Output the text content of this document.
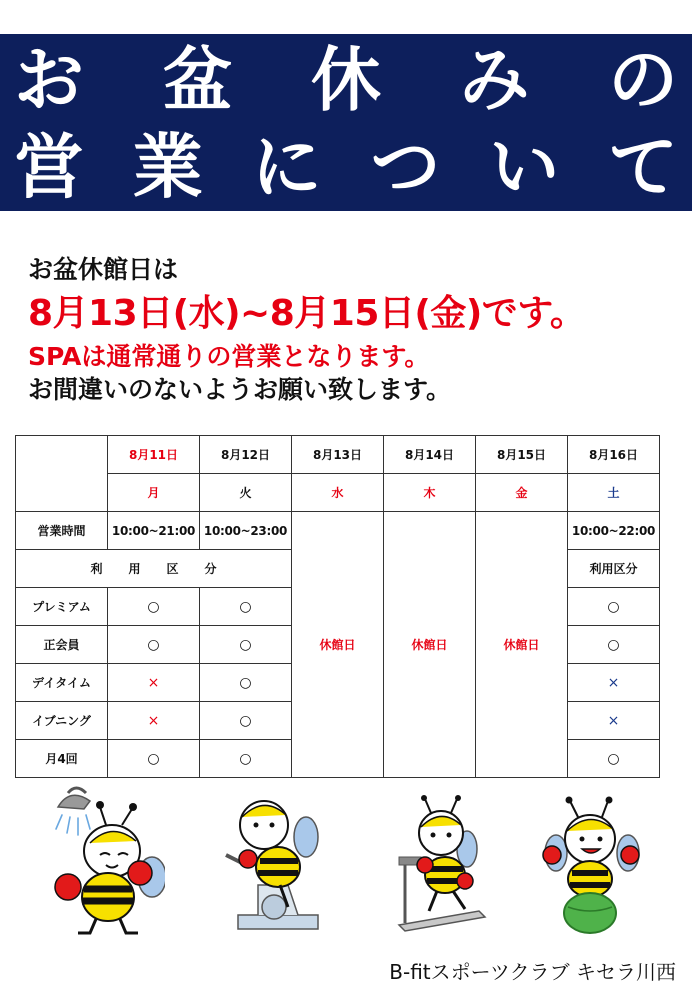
お 盆 休 み の
営 業 に つ い て
お盆休館日は
8月13日(水)~8月15日(金)です。
SPAは通常通りの営業となります。
お間違いのないようお願い致します。
	8月11日	8月12日	8月13日	8月14日	8月15日	8月16日
	月	火	水	木	金	土
営業時間	10:00~21:00	10:00~23:00	休館日	休館日	休館日	10:00~22:00
利用区分						利用区分
プレミアム	○	○				○
正会員	○	○				○
デイタイム	×	○				×
イブニング	×	○				×
月4回	○	○				○
B-fitスポーツクラブ キセラ川西
